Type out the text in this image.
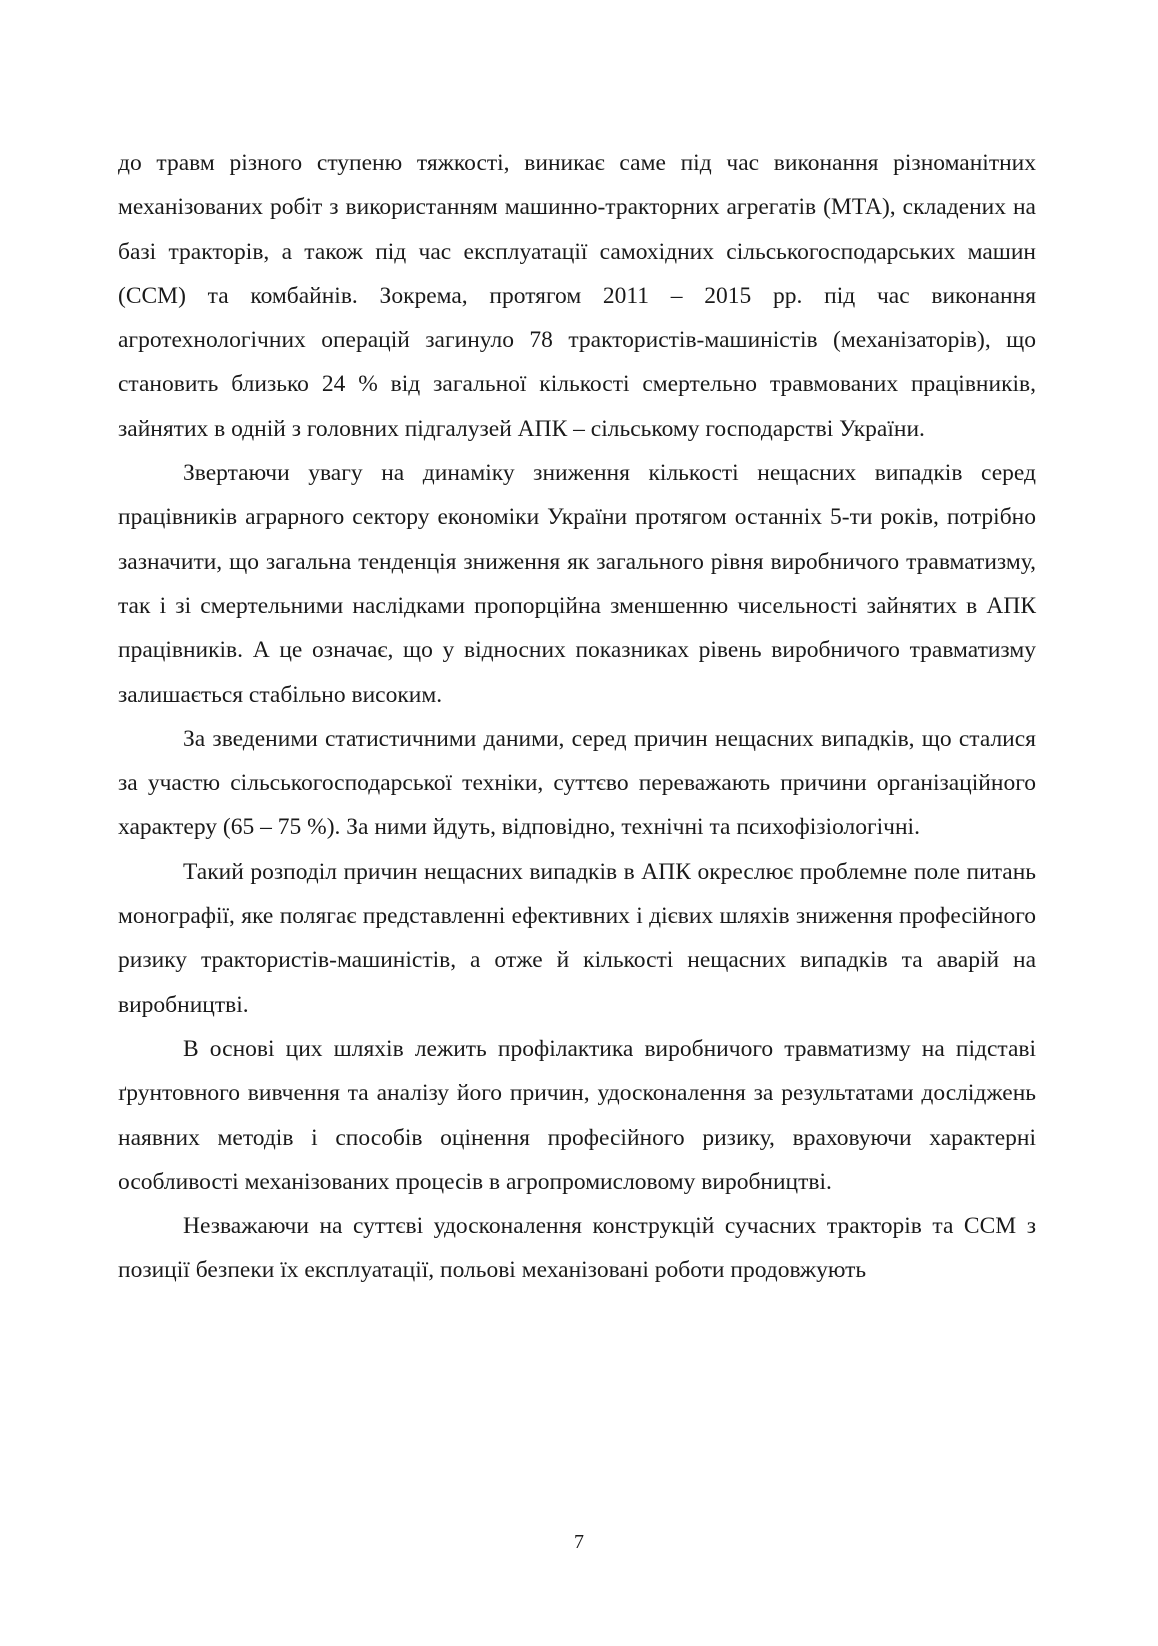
до травм різного ступеню тяжкості, виникає саме під час виконання різноманітних механізованих робіт з використанням машинно-тракторних агрегатів (МТА), складених на базі тракторів, а також під час експлуатації самохідних сільськогосподарських машин (ССМ) та комбайнів. Зокрема, протягом 2011 – 2015 рр. під час виконання агротехнологічних операцій загинуло 78 трактористів-машиністів (механізаторів), що становить близько 24 % від загальної кількості смертельно травмованих працівників, зайнятих в одній з головних підгалузей АПК – сільському господарстві України.

Звертаючи увагу на динаміку зниження кількості нещасних випадків серед працівників аграрного сектору економіки України протягом останніх 5-ти років, потрібно зазначити, що загальна тенденція зниження як загального рівня виробничого травматизму, так і зі смертельними наслідками пропорційна зменшенню чисельності зайнятих в АПК працівників. А це означає, що у відносних показниках рівень виробничого травматизму залишається стабільно високим.

За зведеними статистичними даними, серед причин нещасних випадків, що сталися за участю сільськогосподарської техніки, суттєво переважають причини організаційного характеру (65 – 75 %). За ними йдуть, відповідно, технічні та психофізіологічні.

Такий розподіл причин нещасних випадків в АПК окреслює проблемне поле питань монографії, яке полягає представленні ефективних і дієвих шляхів зниження професійного ризику трактористів-машиністів, а отже й кількості нещасних випадків та аварій на виробництві.

В основі цих шляхів лежить профілактика виробничого травматизму на підставі ґрунтовного вивчення та аналізу його причин, удосконалення за результатами досліджень наявних методів і способів оцінення професійного ризику, враховуючи характерні особливості механізованих процесів в агропромисловому виробництві.

Незважаючи на суттєві удосконалення конструкцій сучасних тракторів та ССМ з позиції безпеки їх експлуатації, польові механізовані роботи продовжують

7
